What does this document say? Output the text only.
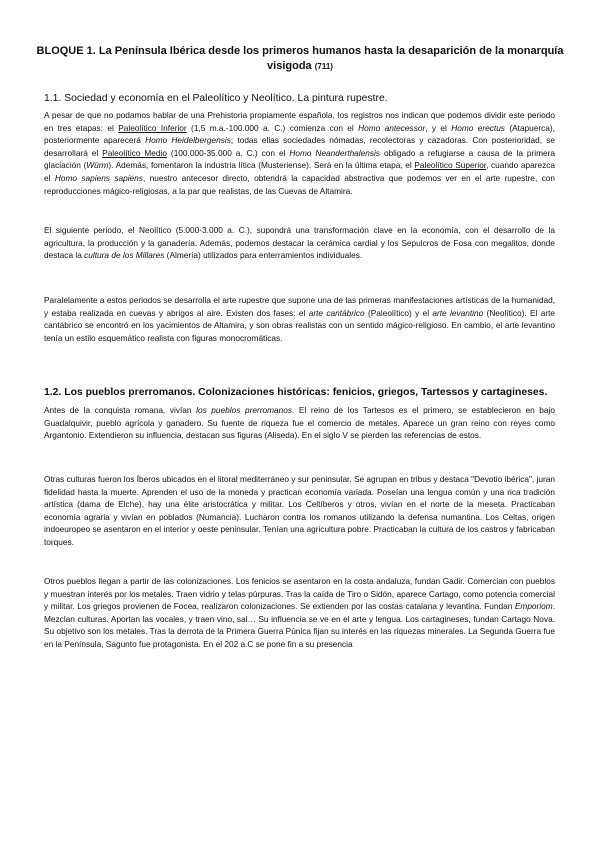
BLOQUE 1. La Península Ibérica desde los primeros humanos hasta la desaparición de la monarquía visigoda (711)
1.1. Sociedad y economía en el Paleolítico y Neolítico. La pintura rupestre.

A pesar de que no podamos hablar de una Prehistoria propiamente española, los registros nos indican que podemos dividir este periodo en tres etapas: el Paleolítico Inferior (1,5 m.a.-100.000 a. C.) comienza con el Homo antecessor, y el Homo erectus (Atapuerca), posteriormente aparecerá Homo Heidelbergensis; todas ellas sociedades nómadas, recolectoras y cazadoras. Con posterioridad, se desarrollará el Paleolítico Medio (100.000-35.000 a. C.) con el Homo Neanderthalensis obligado a refugiarse a causa de la primera glaciación (Würm). Además, fomentaron la industria lítica (Musteriense). Será en la última etapa, el Paleolítico Superior, cuando aparezca el Homo sapiens sapiens, nuestro antecesor directo, obtendrá la capacidad abstractiva que podemos ver en el arte rupestre, con reproducciones mágico-religiosas, a la par que realistas, de las Cuevas de Altamira.

El siguiente periodo, el Neolítico (5.000-3.000 a. C.), supondrá una transformación clave en la economía, con el desarrollo de la agricultura, la producción y la ganadería. Además, podemos destacar la cerámica cardial y los Sepulcros de Fosa con megalitos, donde destaca la cultura de los Millares (Almería) utilizados para enterramientos individuales.

Paralelamente a estos periodos se desarrolla el arte rupestre que supone una de las primeras manifestaciones artísticas de la humanidad, y estaba realizada en cuevas y abrigos al aire. Existen dos fases: el arte cantábrico (Paleolítico) y el arte levantino (Neolítico). El arte cantábrico se encontró en los yacimientos de Altamira, y son obras realistas con un sentido mágico-religioso. En cambio, el arte levantino tenía un estilo esquemático realista con figuras monocromáticas.

1.2. Los pueblos prerromanos. Colonizaciones históricas: fenicios, griegos, Tartessos y cartagineses.

Antes de la conquista romana, vivían los pueblos prerromanos. El reino de los Tartesos es el primero, se establecieron en bajo Guadalquivir, pueblo agrícola y ganadero. Su fuente de riqueza fue el comercio de metales. Aparece un gran reino con reyes como Argantonio. Extendieron su influencia, destacan sus figuras (Aliseda). En el siglo V se pierden las referencias de estos.

Otras culturas fueron los Íberos ubicados en el litoral mediterráneo y sur peninsular. Se agrupan en tribus y destaca "Devotio ibérica", juran fidelidad hasta la muerte. Aprenden el uso de la moneda y practican economía variada. Poseían una lengua común y una rica tradición artística (dama de Elche), hay una élite aristocrática y militar. Los Celtíberos y otros, vivían en el norte de la meseta. Practicaban economía agraria y vivían en poblados (Numancia). Lucharon contra los romanos utilizando la defensa numantina. Los Celtas, origen indoeuropeo se asentaron en el interior y oeste peninsular. Tenían una agricultura pobre. Practicaban la cultura de los castros y fabricaban torques.

Otros pueblos llegan a partir de las colonizaciones. Los fenicios se asentaron en la costa andaluza, fundan Gadir. Comercian con pueblos y muestran interés por los metales. Traen vidrio y telas púrpuras. Tras la caída de Tiro o Sidón, aparece Cartago, como potencia comercial y militar. Los griegos provienen de Focea, realizaron colonizaciones. Se extienden por las costas catalana y levantina. Fundan Emporiom. Mezclan culturas. Aportan las vocales, y traen vino, sal… Su influencia se ve en el arte y lengua. Los cartagineses, fundan Cartago Nova. Su objetivo son los metales. Tras la derrota de la Primera Guerra Púnica fijan su interés en las riquezas minerales. La Segunda Guerra fue en la Península, Sagunto fue protagonista. En el 202 a.C se pone fin a su presencia
